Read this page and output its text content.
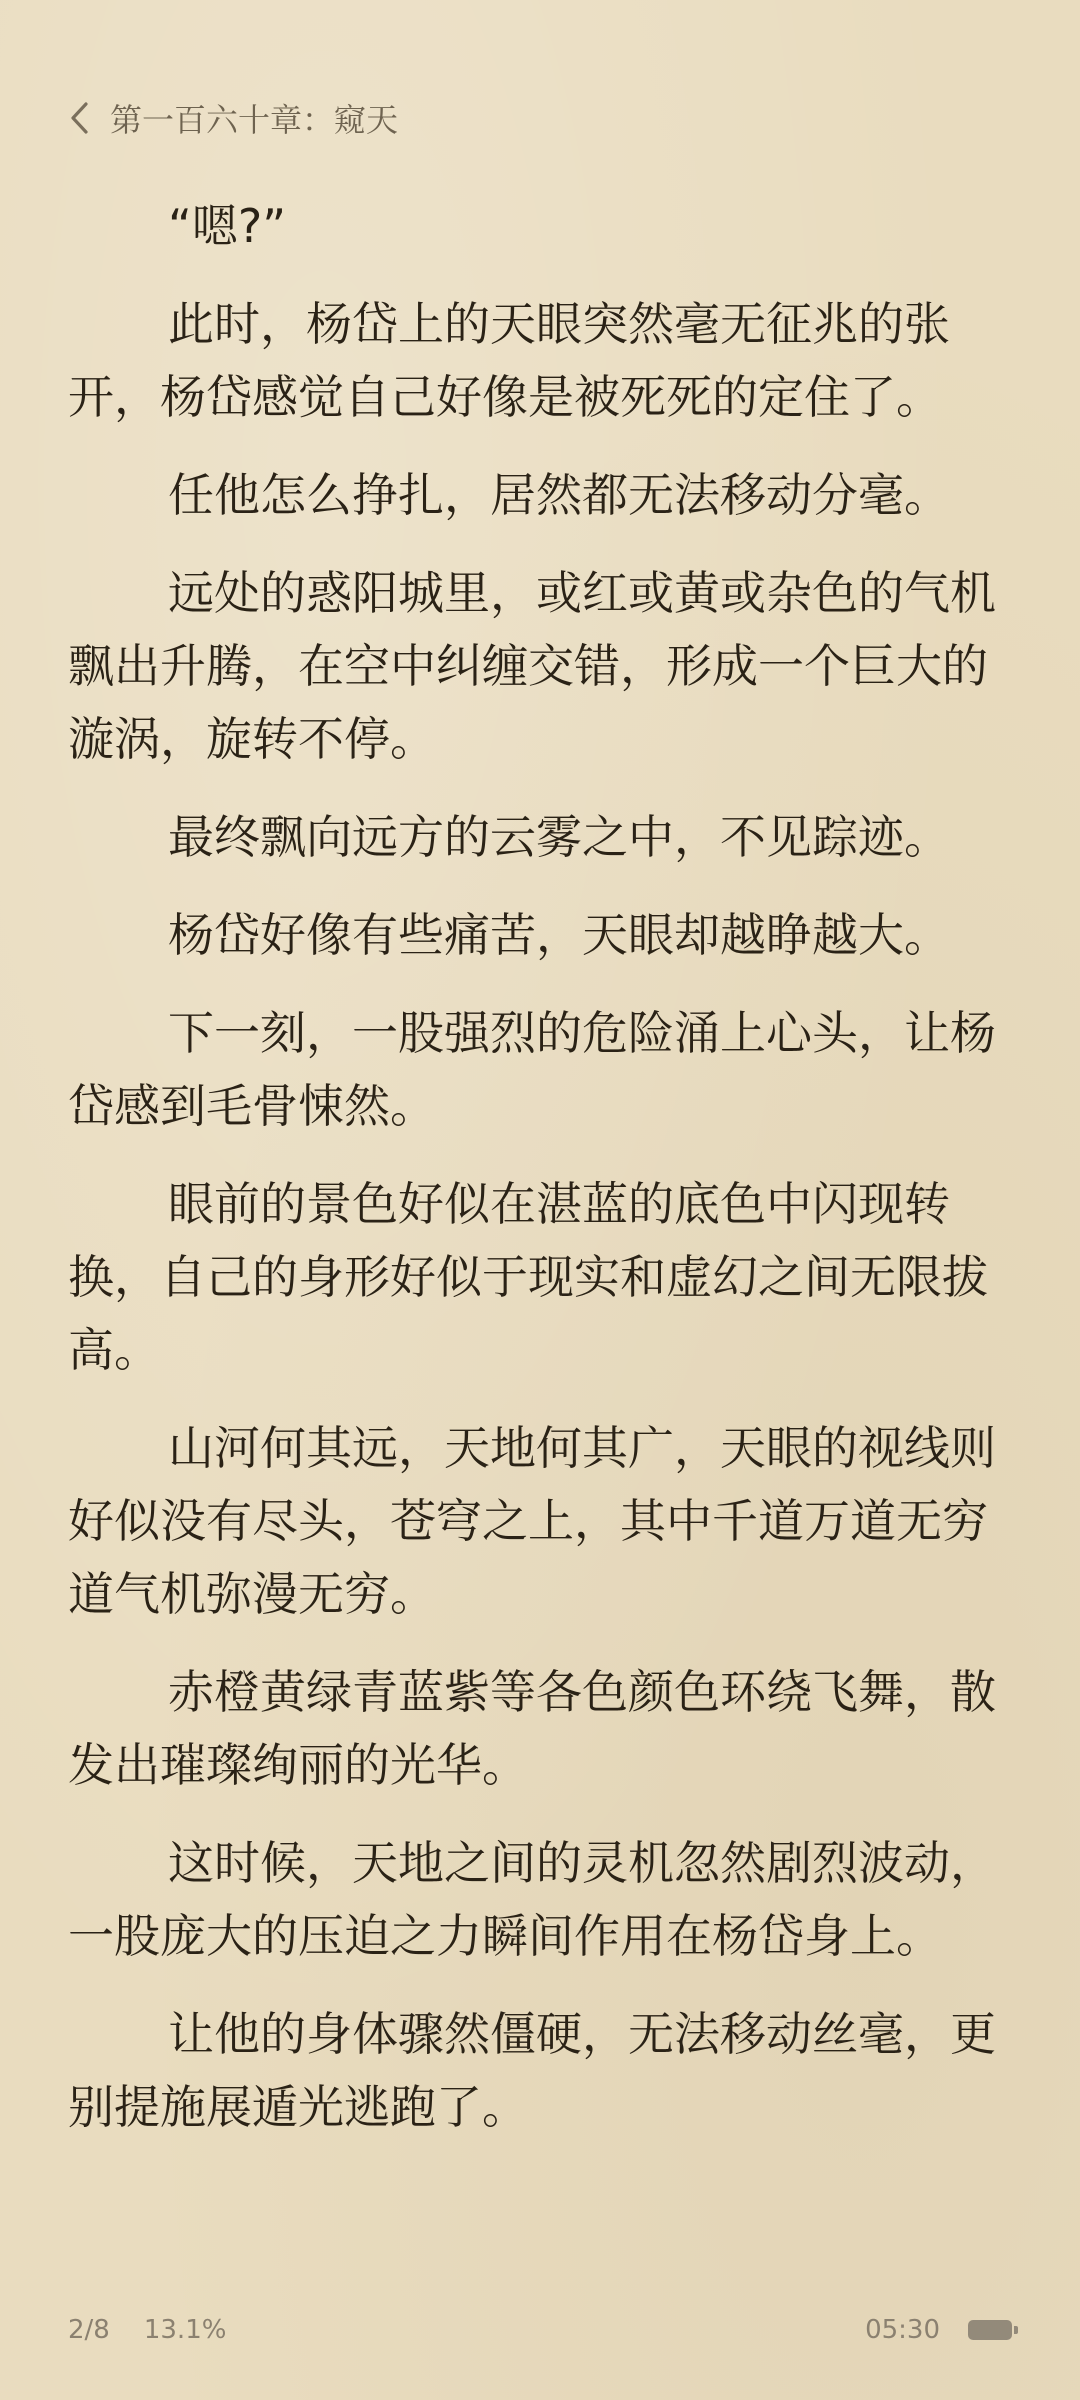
第一百六十章：窥天

“嗯?”

此时，杨岱上的天眼突然毫无征兆的张开，杨岱感觉自己好像是被死死的定住了。

任他怎么挣扎，居然都无法移动分毫。

远处的惑阳城里，或红或黄或杂色的气机飘出升腾，在空中纠缠交错，形成一个巨大的漩涡，旋转不停。

最终飘向远方的云雾之中，不见踪迹。

杨岱好像有些痛苦，天眼却越睁越大。

下一刻，一股强烈的危险涌上心头，让杨岱感到毛骨悚然。

眼前的景色好似在湛蓝的底色中闪现转换，自己的身形好似于现实和虚幻之间无限拔高。

山河何其远，天地何其广，天眼的视线则好似没有尽头，苍穹之上，其中千道万道无穷道气机弥漫无穷。

赤橙黄绿青蓝紫等各色颜色环绕飞舞，散发出璀璨绚丽的光华。

这时候，天地之间的灵机忽然剧烈波动，一股庞大的压迫之力瞬间作用在杨岱身上。

让他的身体骤然僵硬，无法移动丝毫，更别提施展遁光逃跑了。

2/8 13.1%	05:30
